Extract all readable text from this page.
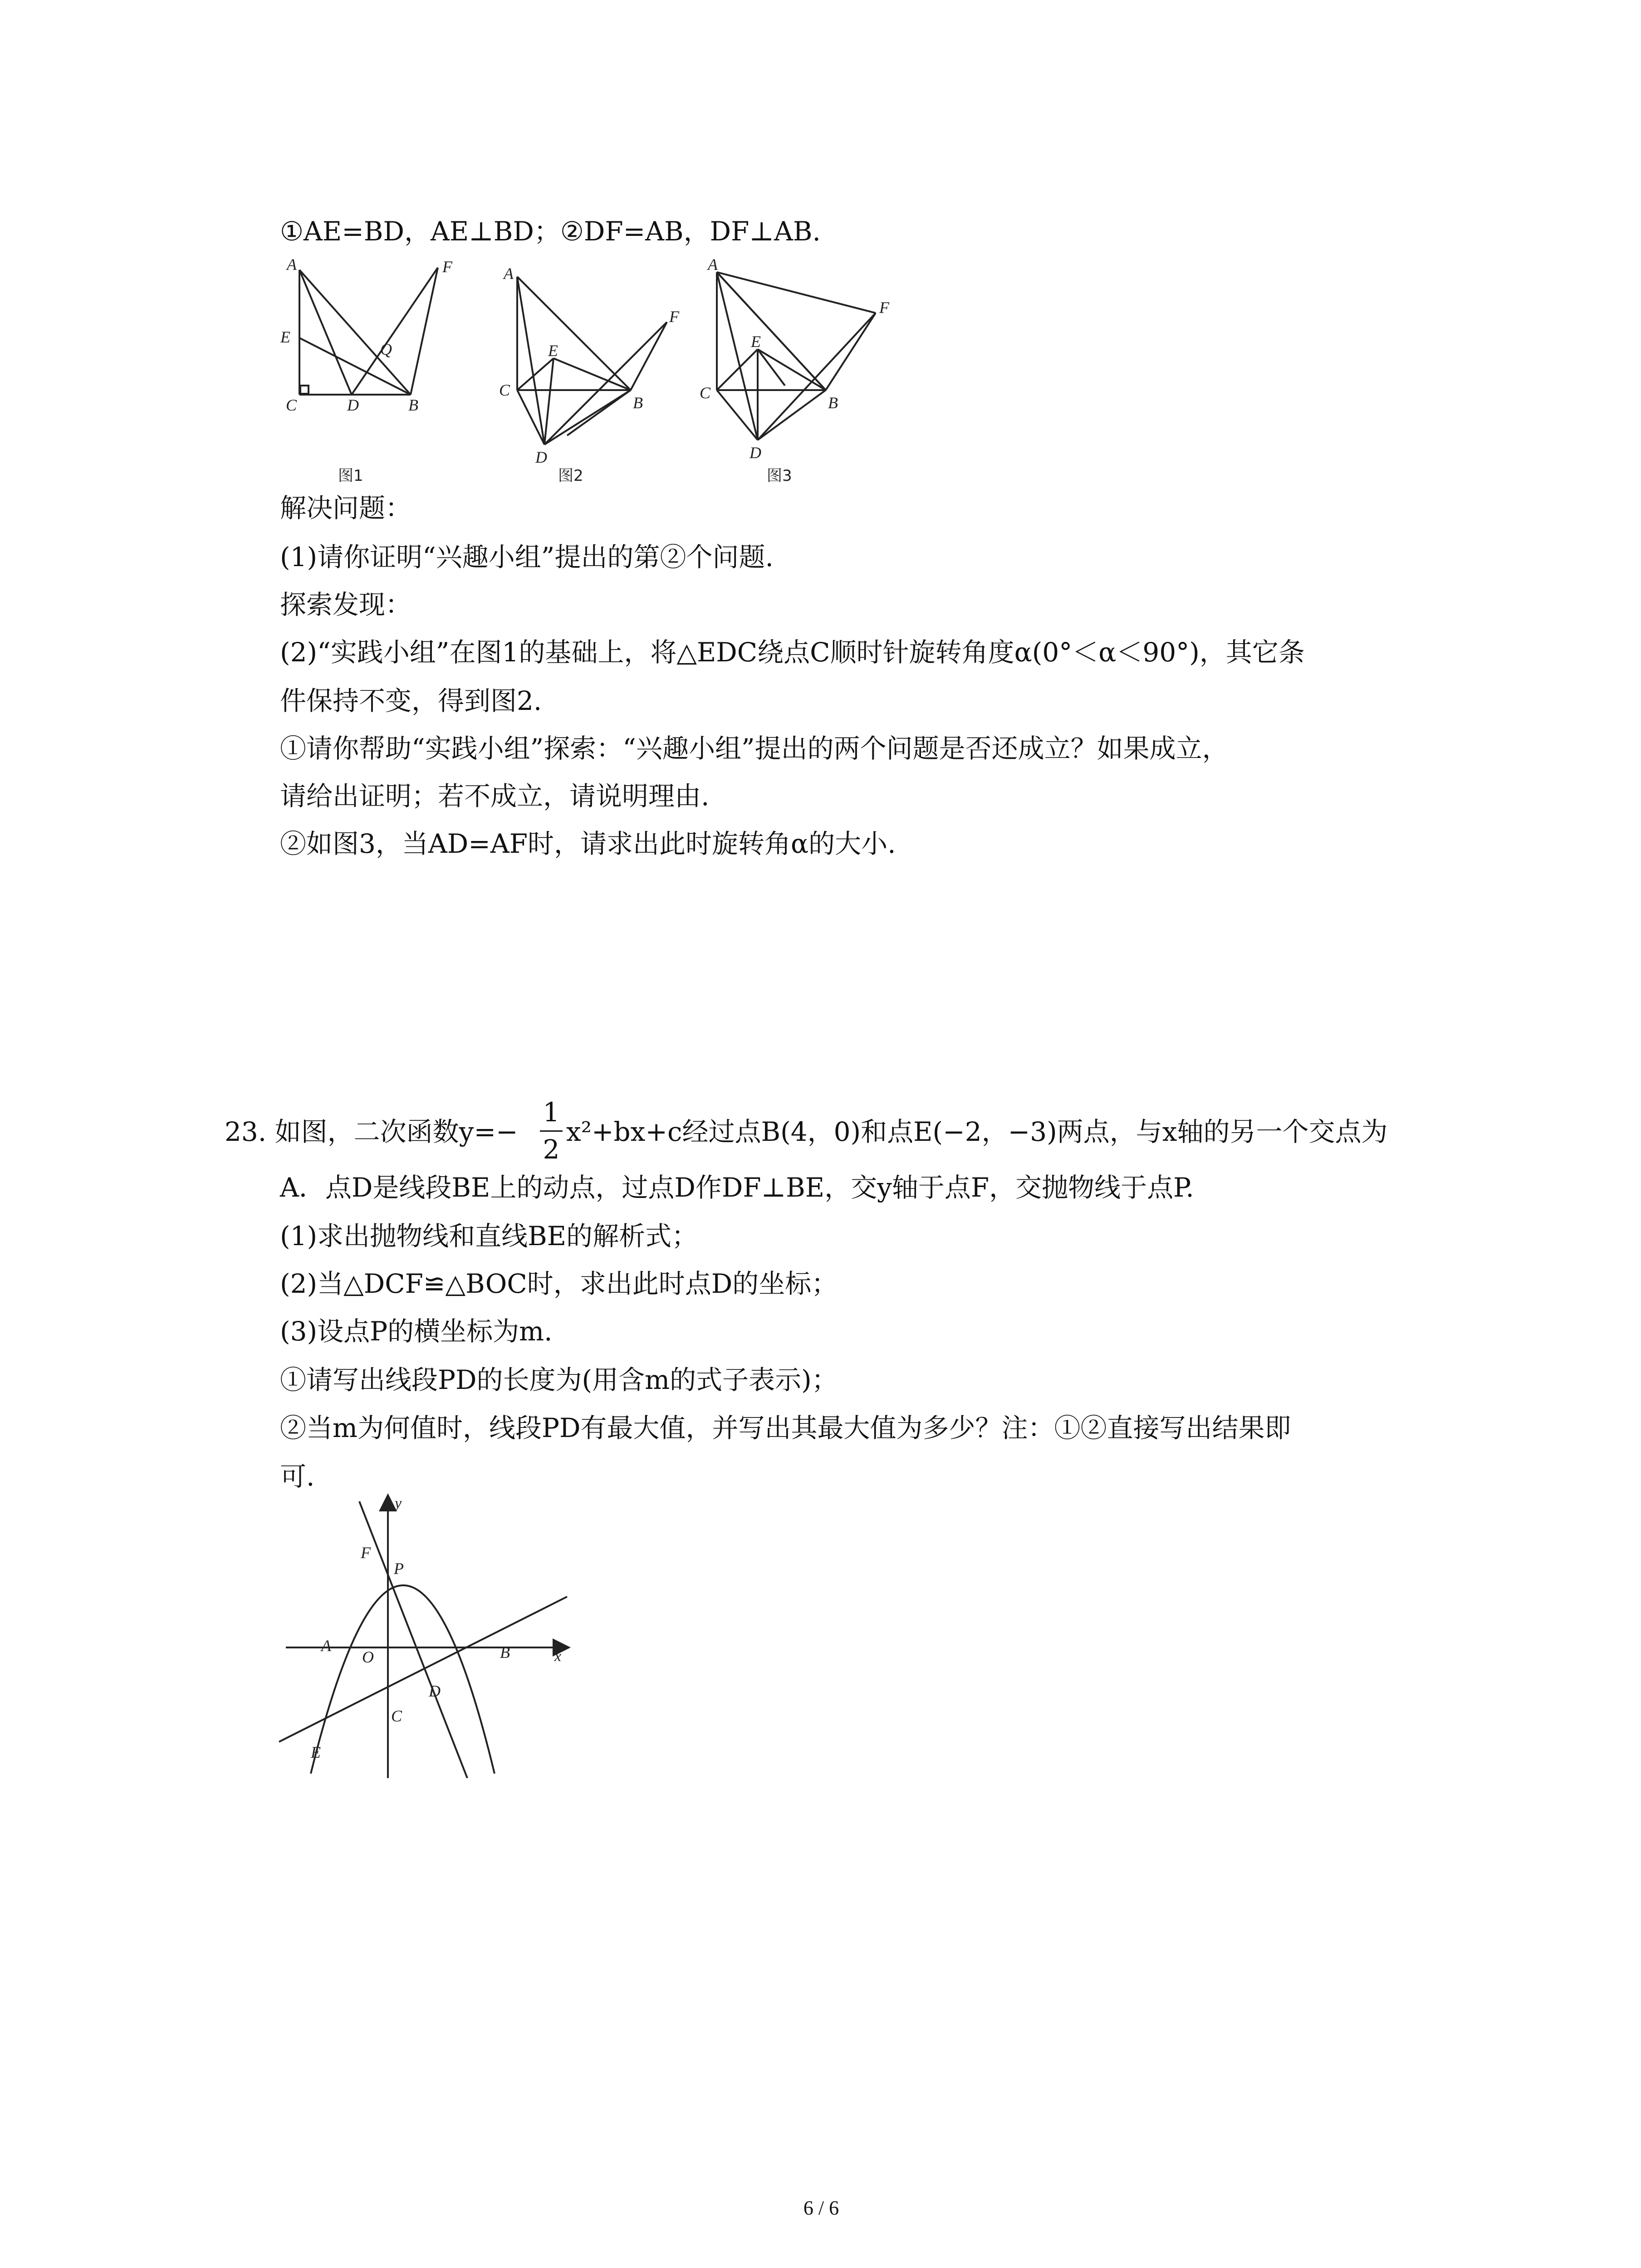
①AE=BD，AE⊥BD；②DF=AB，DF⊥AB.
A
E
C	D	B
F
Q
图1
A
E
C
D
B
F
图2
A
E
C
D
B
F
图3
解决问题：
(1)请你证明“兴趣小组”提出的第②个问题.
探索发现：
(2)“实践小组”在图1的基础上，将△EDC绕点C顺时针旋转角度α(0°＜α＜90°)，其它条
件保持不变，得到图2.
①请你帮助“实践小组”探索：“兴趣小组”提出的两个问题是否还成立？如果成立，
请给出证明；若不成立，请说明理由.
②如图3，当AD=AF时，请求出此时旋转角α的大小.
23. 如图，二次函数y=−
1
2
x²+bx+c经过点B(4，0)和点E(−2，−3)两点，与x轴的另一个交点为
A．点D是线段BE上的动点，过点D作DF⊥BE，交y轴于点F，交抛物线于点P.
(1)求出抛物线和直线BE的解析式；
(2)当△DCF≌△BOC时，求出此时点D的坐标；
(3)设点P的横坐标为m.
①请写出线段PD的长度为(用含m的式子表示)；
②当m为何值时，线段PD有最大值，并写出其最大值为多少？注：①②直接写出结果即
可.
y
x
F
P
A
O	B
D
C
E
6 / 6
